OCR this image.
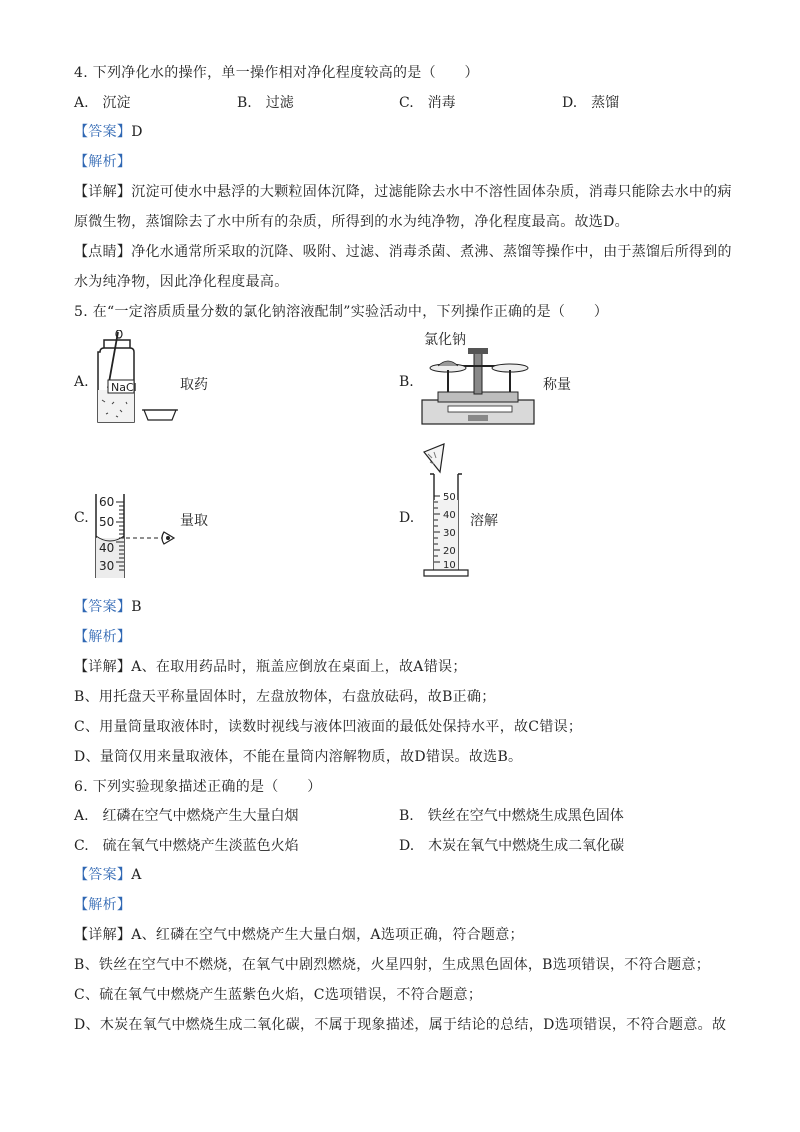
4. 下列净化水的操作，单一操作相对净化程度较高的是（　　）
A.　沉淀	B.　过滤	C.　消毒	D.　蒸馏
【答案】D
【解析】
【详解】沉淀可使水中悬浮的大颗粒固体沉降，过滤能除去水中不溶性固体杂质，消毒只能除去水中的病
原微生物，蒸馏除去了水中所有的杂质，所得到的水为纯净物，净化程度最高。故选D。
【点睛】净化水通常所采取的沉降、吸附、过滤、消毒杀菌、煮沸、蒸馏等操作中，由于蒸馏后所得到的
水为纯净物，因此净化程度最高。
5. 在“一定溶质质量分数的氯化钠溶液配制”实验活动中，下列操作正确的是（　　）
A. NaCl	取药	B.
氯化钠
称量
C.
60
50
40
30
量取	D.
50
40
30
20
10
溶解
【答案】B
【解析】
【详解】A、在取用药品时，瓶盖应倒放在桌面上，故A错误；
B、用托盘天平称量固体时，左盘放物体，右盘放砝码，故B正确；
C、用量筒量取液体时，读数时视线与液体凹液面的最低处保持水平，故C错误；
D、量筒仅用来量取液体，不能在量筒内溶解物质，故D错误。故选B。
6. 下列实验现象描述正确的是（　　）
A.　红磷在空气中燃烧产生大量白烟	B.　铁丝在空气中燃烧生成黑色固体
C.　硫在氧气中燃烧产生淡蓝色火焰	D.　木炭在氧气中燃烧生成二氧化碳
【答案】A
【解析】
【详解】A、红磷在空气中燃烧产生大量白烟，A选项正确，符合题意；
B、铁丝在空气中不燃烧，在氧气中剧烈燃烧，火星四射，生成黑色固体，B选项错误，不符合题意；
C、硫在氧气中燃烧产生蓝紫色火焰，C选项错误，不符合题意；
D、木炭在氧气中燃烧生成二氧化碳，不属于现象描述，属于结论的总结，D选项错误，不符合题意。故
